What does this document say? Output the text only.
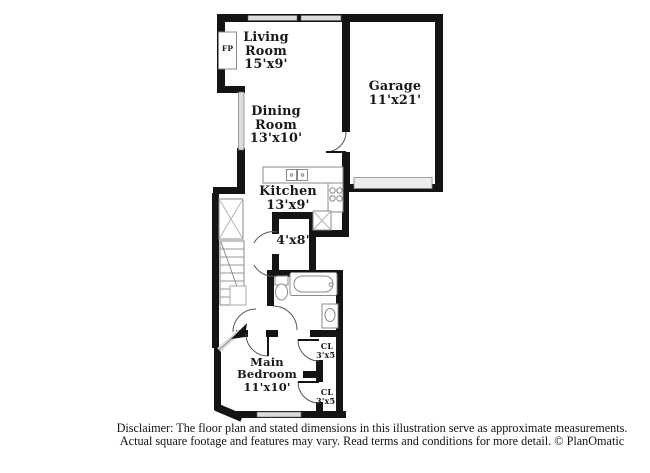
Living Room
15'x9'
Garage
11'x21'
Dining Room
13'x10'
Kitchen
13'x9'
4'x8'
Main Bedroom
11'x10'
CL
3'x5'
CL
3'x5'
FP
Disclaimer: The floor plan and stated dimensions in this illustration serve as approximate measurements.
Actual square footage and features may vary. Read terms and conditions for more detail. © PlanOmatic
